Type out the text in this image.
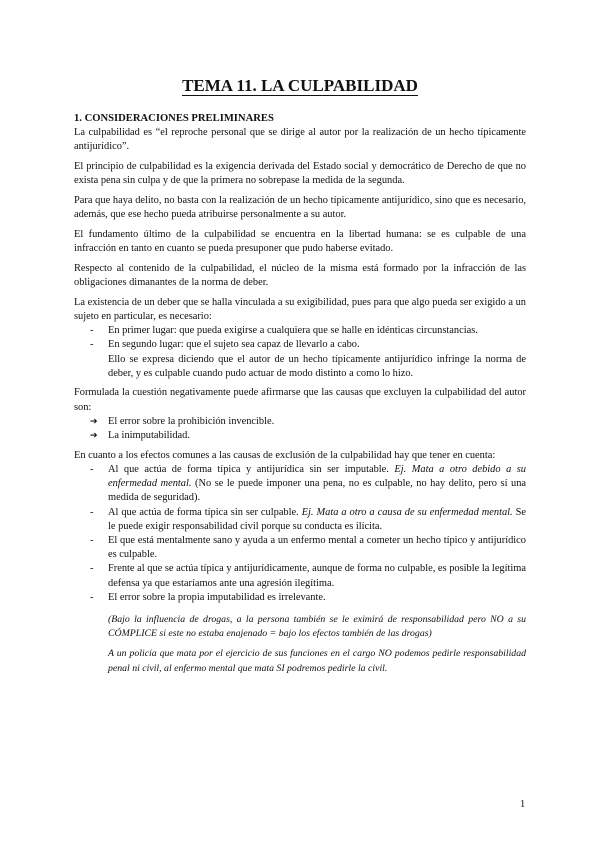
TEMA 11. LA CULPABILIDAD

1. CONSIDERACIONES PRELIMINARES

La culpabilidad es “el reproche personal que se dirige al autor por la realización de un hecho típicamente antijurídico”.

El principio de culpabilidad es la exigencia derivada del Estado social y democrático de Derecho de que no exista pena sin culpa y de que la primera no sobrepase la medida de la segunda.

Para que haya delito, no basta con la realización de un hecho típicamente antijurídico, sino que es necesario, además, que ese hecho pueda atribuirse personalmente a su autor.

El fundamento último de la culpabilidad se encuentra en la libertad humana: se es culpable de una infracción en tanto en cuanto se pueda presuponer que pudo haberse evitado.

Respecto al contenido de la culpabilidad, el núcleo de la misma está formado por la infracción de las obligaciones dimanantes de la norma de deber.

La existencia de un deber que se halla vinculada a su exigibilidad, pues para que algo pueda ser exigido a un sujeto en particular, es necesario:

- En primer lugar: que pueda exigirse a cualquiera que se halle en idénticas circunstancias.
- En segundo lugar: que el sujeto sea capaz de llevarlo a cabo.

Ello se expresa diciendo que el autor de un hecho típicamente antijurídico infringe la norma de deber, y es culpable cuando pudo actuar de modo distinto a como lo hizo.

Formulada la cuestión negativamente puede afirmarse que las causas que excluyen la culpabilidad del autor son:

➔ El error sobre la prohibición invencible.
➔ La inimputabilidad.

En cuanto a los efectos comunes a las causas de exclusión de la culpabilidad hay que tener en cuenta:

- Al que actúa de forma típica y antijurídica sin ser imputable. Ej. Mata a otro debido a su enfermedad mental. (No se le puede imponer una pena, no es culpable, no hay delito, pero sí una medida de seguridad).
- Al que actúa de forma típica sin ser culpable. Ej. Mata a otro a causa de su enfermedad mental. Se le puede exigir responsabilidad civil porque su conducta es ilícita.
- El que está mentalmente sano y ayuda a un enfermo mental a cometer un hecho típico y antijurídico es culpable.
- Frente al que se actúa típica y antijurídicamente, aunque de forma no culpable, es posible la legítima defensa ya que estaríamos ante una agresión ilegítima.
- El error sobre la propia imputabilidad es irrelevante.

(Bajo la influencia de drogas, a la persona también se le eximirá de responsabilidad pero NO a su CÓMPLICE si este no estaba enajenado = bajo los efectos también de las drogas)

A un policía que mata por el ejercicio de sus funciones en el cargo NO podemos pedirle responsabilidad penal ni civil, al enfermo mental que mata SI podremos pedirle la civil.

1
